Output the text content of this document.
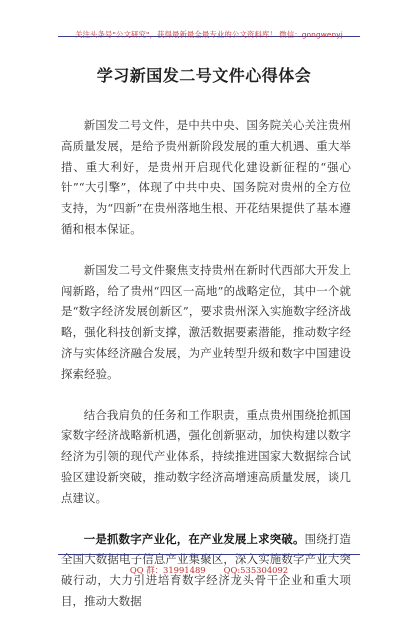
关注头条号"公文研究"，获得最新最全最专业的公文资料库！ 微信：gongwenyj
学习新国发二号文件心得体会

新国发二号文件，是中共中央、国务院关心关注贵州高质量发展，是给予贵州新阶段发展的重大机遇、重大举措、重大利好，是贵州开启现代化建设新征程的“强心针”“大引擎”，体现了中共中央、国务院对贵州的全方位支持，为“四新”在贵州落地生根、开花结果提供了基本遵循和根本保证。

新国发二号文件聚焦支持贵州在新时代西部大开发上闯新路，给了贵州“四区一高地”的战略定位，其中一个就是“数字经济发展创新区”，要求贵州深入实施数字经济战略，强化科技创新支撑，激活数据要素潜能，推动数字经济与实体经济融合发展，为产业转型升级和数字中国建设探索经验。

结合我肩负的任务和工作职责，重点贵州围绕抢抓国家数字经济战略新机遇，强化创新驱动，加快构建以数字经济为引领的现代产业体系，持续推进国家大数据综合试验区建设新突破，推动数字经济高增速高质量发展，谈几点建议。

一是抓数字产业化，在产业发展上求突破。围绕打造全国大数据电子信息产业集聚区，深入实施数字产业大突破行动，大力引进培育数字经济龙头骨干企业和重大项目，推动大数据

QQ 群：31991489 QQ:535304092
